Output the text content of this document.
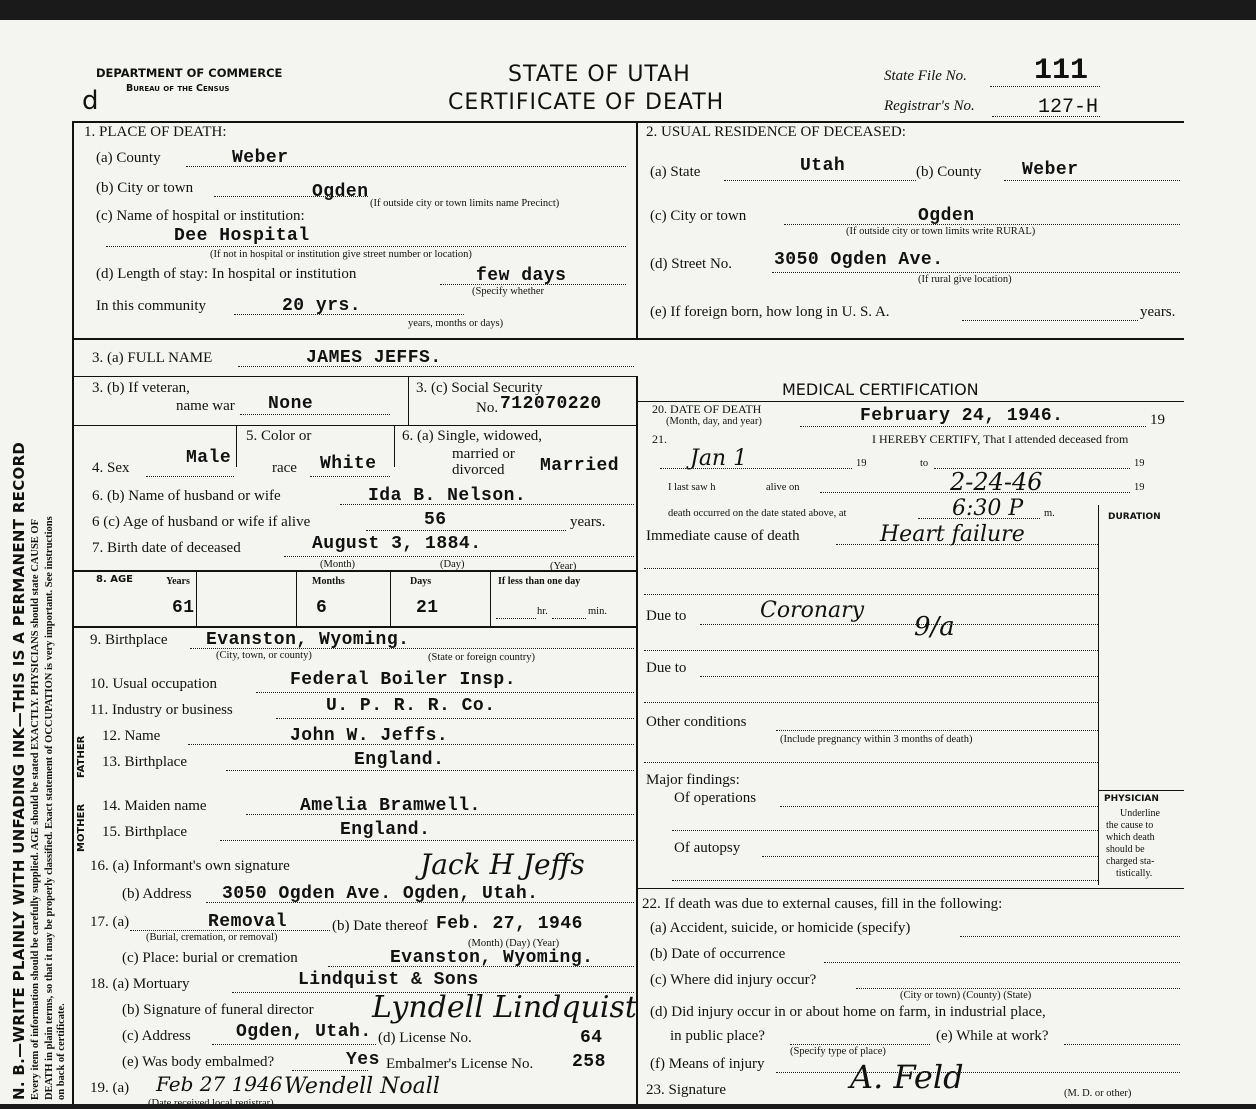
N. B.—WRITE PLAINLY WITH UNFADING INK—THIS IS A PERMANENT RECORD Every item of information should be carefully supplied. AGE should be stated EXACTLY. PHYSICIANS should state CAUSE OF DEATH in plain terms, so that it may be properly classified. Exact statement of OCCUPATION is very important. See instructions on back of certificate.
DEPARTMENT OF COMMERCE
Bureau of the Census
d
STATE OF UTAH
CERTIFICATE OF DEATH
State File No. 111
Registrar's No.	127-H
1. PLACE OF DEATH:
(a) County	Weber
(b) City or town	Ogden
(If outside city or town limits name Precinct)
(c) Name of hospital or institution:
Dee Hospital
(If not in hospital or institution give street number or location)
(d) Length of stay: In hospital or institution	few days
(Specify whether
In this community	20 yrs.
years, months or days)
2. USUAL RESIDENCE OF DECEASED:
(a) State	Utah	(b) County Weber
(c) City or town	Ogden
(If outside city or town limits write RURAL)
(d) Street No. 3050 Ogden Ave.
(If rural give location)
(e) If foreign born, how long in U. S. A.	years.
3. (a) FULL NAME	JAMES JEFFS.
3. (b) If veteran,
name war None
3. (c) Social Security
No. 712070220
5. Color or	6. (a) Single, widowed,
married or
divorced
4. Sex	Male	race White	Married
6. (b) Name of husband or wife	Ida B. Nelson.
6 (c) Age of husband or wife if alive	56	years.
7. Birth date of deceased	August 3, 1884.
(Month)	(Day)	(Year)
8. AGE	Years	Months	Days	If less than one day
61	6	21	hr.	min.
9. Birthplace Evanston, Wyoming.
(City, town, or county)	(State or foreign country)
10. Usual occupation	Federal Boiler Insp.
11. Industry or business	U. P. R. R. Co.
FATHER 12. Name	John W. Jeffs.
13. Birthplace	England.
MOTHER 14. Maiden name	Amelia Bramwell.
15. Birthplace	England.
16. (a) Informant's own signature	Jack H Jeffs
(b) Address 3050 Ogden Ave. Ogden, Utah.
17. (a)	Removal
(Burial, cremation, or removal)
(b) Date thereof Feb. 27, 1946
(Month) (Day) (Year)
(c) Place: burial or cremation	Evanston, Wyoming.
18. (a) Mortuary	Lindquist & Sons
(b) Signature of funeral director Lyndell Lindquist
(c) Address	Ogden, Utah. (d) License No.	64
(e) Was body embalmed?	Yes Embalmer's License No. 258
19. (a) Feb 27 1946 Wendell Noall
MEDICAL CERTIFICATION
20. DATE OF DEATH
(Month, day, and year)	February 24, 1946.	19
21.	I HEREBY CERTIFY, That I attended deceased from
Jan 1	19	to	19
I last saw h	alive on	2-24-46	19
death occurred on the date stated above, at	6:30 P m.	DURATION
Immediate cause of death	Heart failure
Due to	Coronary
9/a
Due to
Other conditions
(Include pregnancy within 3 months of death)
Major findings:
Of operations
Of autopsy
PHYSICIAN
Underline
the cause to
which death
should be
charged sta-
tistically.
22. If death was due to external causes, fill in the following:
(a) Accident, suicide, or homicide (specify)
(b) Date of occurrence
(c) Where did injury occur?
(City or town) (County) (State)
(d) Did injury occur in or about home on farm, in industrial place,
in public place?
(Specify type of place)
(e) While at work?
(f) Means of injury
23. Signature	(M. D. or other)
A. Feld
